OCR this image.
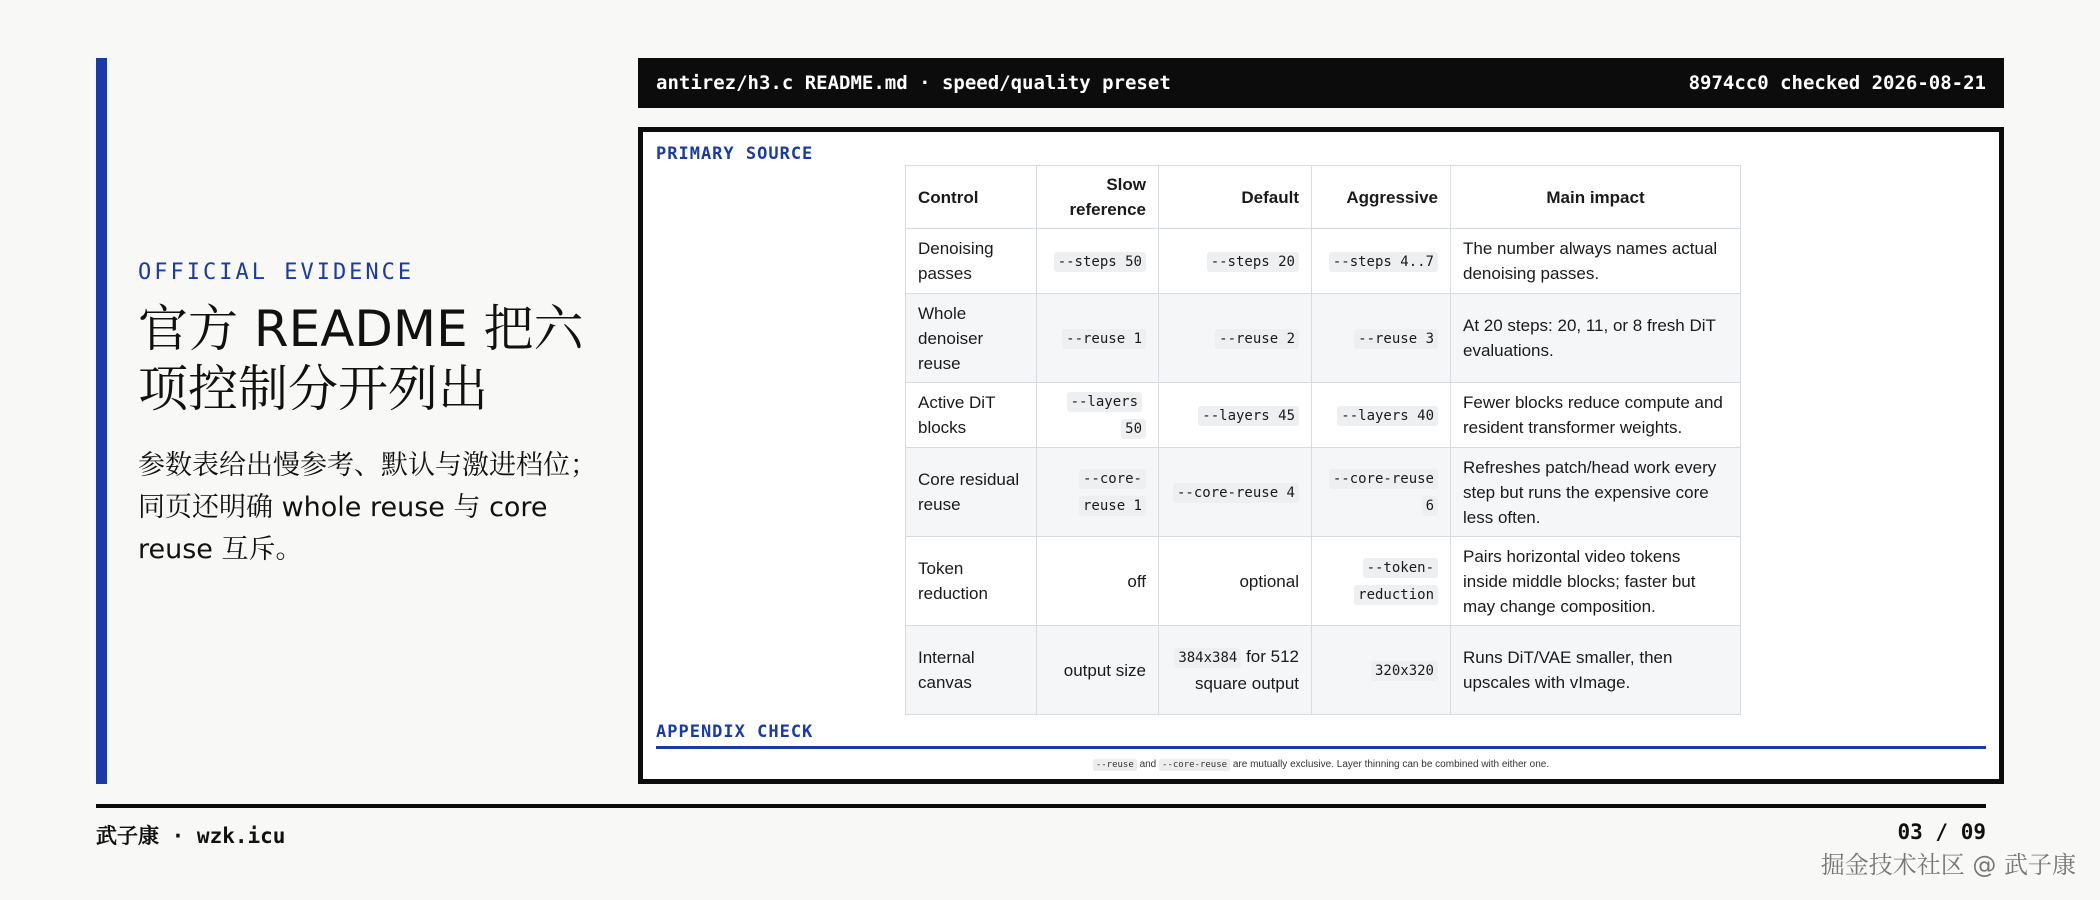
OFFICIAL EVIDENCE
官方 README 把六项控制分开列出
参数表给出慢参考、默认与激进档位；同页还明确 whole reuse 与 core reuse 互斥。
antirez/h3.c README.md · speed/quality preset	8974cc0 checked 2026-08-21
PRIMARY SOURCE
Control	Slow reference	Default	Aggressive	Main impact
Denoising passes	--steps 50	--steps 20	--steps 4..7	The number always names actual denoising passes.
Whole denoiser reuse	--reuse 1	--reuse 2	--reuse 3	At 20 steps: 20, 11, or 8 fresh DiT evaluations.
Active DiT blocks	--layers 50	--layers 45	--layers 40	Fewer blocks reduce compute and resident transformer weights.
Core residual reuse	--core-reuse 1	--core-reuse 4	--core-reuse 6	Refreshes patch/head work every step but runs the expensive core less often.
Token reduction	off	optional	--token-reduction	Pairs horizontal video tokens inside middle blocks; faster but may change composition.
Internal canvas	output size	384x384 for 512 square output	320x320	Runs DiT/VAE smaller, then upscales with vImage.
APPENDIX CHECK
--reuse and --core-reuse are mutually exclusive. Layer thinning can be combined with either one.
武子康 · wzk.icu	03 / 09
掘金技术社区 @ 武子康
